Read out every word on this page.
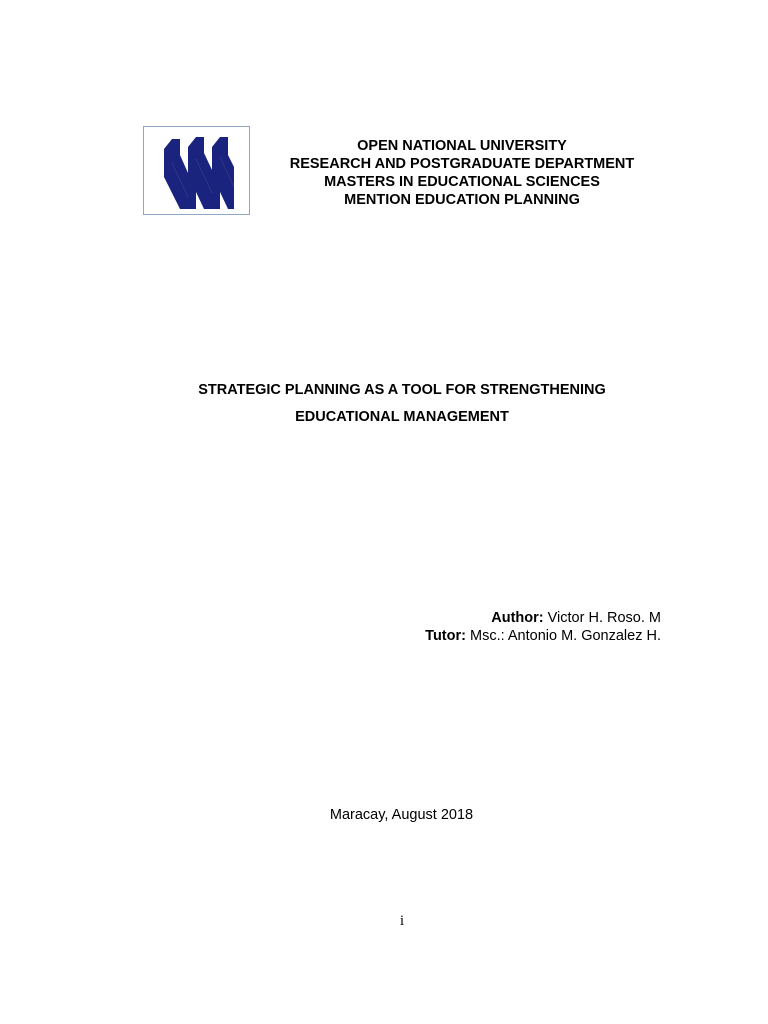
OPEN NATIONAL UNIVERSITY
RESEARCH AND POSTGRADUATE DEPARTMENT
MASTERS IN EDUCATIONAL SCIENCES
MENTION EDUCATION PLANNING
STRATEGIC PLANNING AS A TOOL FOR STRENGTHENING
EDUCATIONAL MANAGEMENT
Author: Victor H. Roso. M
Tutor: Msc.: Antonio M. Gonzalez H.
Maracay, August 2018
i
